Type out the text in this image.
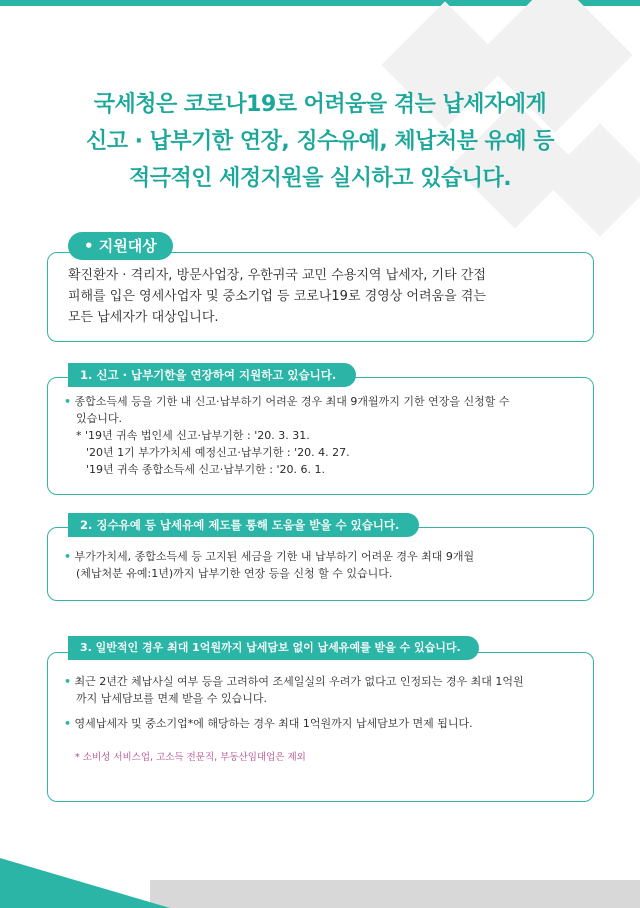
국세청은 코로나19로 어려움을 겪는 납세자에게
신고 · 납부기한 연장, 징수유예, 체납처분 유예 등
적극적인 세정지원을 실시하고 있습니다.
• 지원대상
확진환자 · 격리자, 방문사업장, 우한귀국 교민 수용지역 납세자, 기타 간접
피해를 입은 영세사업자 및 중소기업 등 코로나19로 경영상 어려움을 겪는
모든 납세자가 대상입니다.
1. 신고 · 납부기한을 연장하여 지원하고 있습니다.
• 종합소득세 등을 기한 내 신고·납부하기 어려운 경우 최대 9개월까지 기한 연장을 신청할 수
있습니다.
* '19년 귀속 법인세 신고·납부기한 : '20. 3. 31.
'20년 1기 부가가치세 예정신고·납부기한 : '20. 4. 27.
'19년 귀속 종합소득세 신고·납부기한 : '20. 6. 1.
2. 징수유예 등 납세유예 제도를 통해 도움을 받을 수 있습니다.
• 부가가치세, 종합소득세 등 고지된 세금을 기한 내 납부하기 어려운 경우 최대 9개월
(체납처분 유예:1년)까지 납부기한 연장 등을 신청 할 수 있습니다.
3. 일반적인 경우 최대 1억원까지 납세담보 없이 납세유예를 받을 수 있습니다.
• 최근 2년간 체납사실 여부 등을 고려하여 조세일실의 우려가 없다고 인정되는 경우 최대 1억원
까지 납세담보를 면제 받을 수 있습니다.
• 영세납세자 및 중소기업*에 해당하는 경우 최대 1억원까지 납세담보가 면제 됩니다.
* 소비성 서비스업, 고소득 전문직, 부동산임대업은 제외
